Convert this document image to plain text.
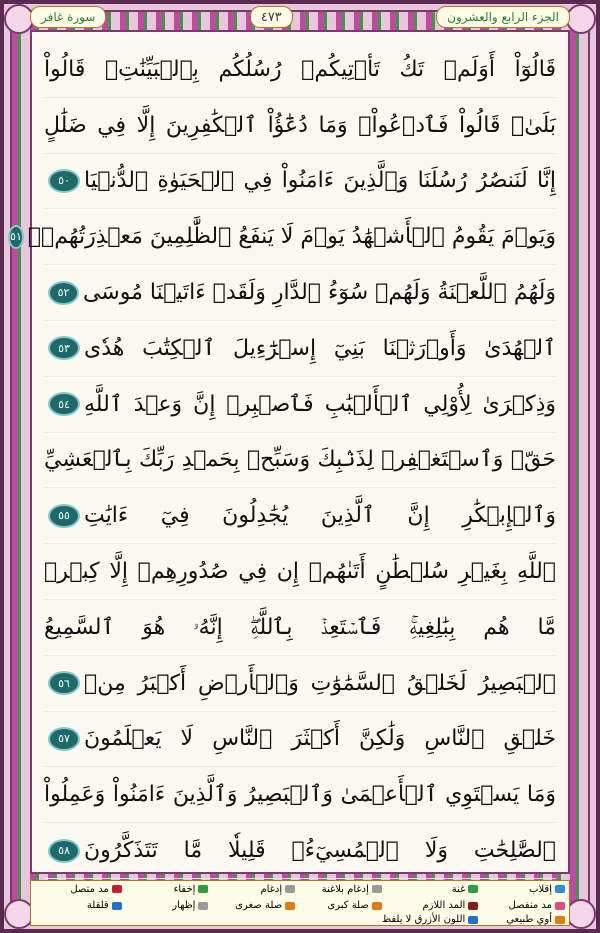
سورة غافر	٤٧٣	الجزء الرابع والعشرون
قَالُوٓاْ أَوَلَمۡ تَكُ تَأۡتِيكُمۡ رُسُلُكُم بِٱلۡبَيِّنَٰتِۖ قَالُواْ
بَلَىٰۚ قَالُواْ فَٱدۡعُواْۗ وَمَا دُعَٰٓؤُاْ ٱلۡكَٰفِرِينَ إِلَّا فِي ضَلَٰلٍ
إِنَّا لَنَنصُرُ رُسُلَنَا وَٱلَّذِينَ ءَامَنُواْ فِي ٱلۡحَيَوٰةِ ٱلدُّنۡيَا
٥٠
وَيَوۡمَ يَقُومُ ٱلۡأَشۡهَٰدُ يَوۡمَ لَا يَنفَعُ ٱلظَّٰلِمِينَ مَعۡذِرَتُهُمۡۖ
٥١
وَلَهُمُ ٱللَّعۡنَةُ وَلَهُمۡ سُوٓءُ ٱلدَّارِ وَلَقَدۡ ءَاتَيۡنَا مُوسَى
٥٢
ٱلۡهُدَىٰ وَأَوۡرَثۡنَا بَنِيٓ إِسۡرَٰٓءِيلَ ٱلۡكِتَٰبَ هُدٗى
٥٣
وَذِكۡرَىٰ لِأُوْلِي ٱلۡأَلۡبَٰبِ فَٱصۡبِرۡ إِنَّ وَعۡدَ ٱللَّهِ
٥٤
حَقّٞ وَٱسۡتَغۡفِرۡ لِذَنۢبِكَ وَسَبِّحۡ بِحَمۡدِ رَبِّكَ بِٱلۡعَشِيِّ
وَٱلۡإِبۡكَٰرِ إِنَّ ٱلَّذِينَ يُجَٰدِلُونَ فِيٓ ءَايَٰتِ
٥٥
ٱللَّهِ بِغَيۡرِ سُلۡطَٰنٍ أَتَىٰهُمۡ إِن فِي صُدُورِهِمۡ إِلَّا كِبۡرٞ
مَّا هُم بِبَٰلِغِيهِۚ فَٱسۡتَعِذۡ بِٱللَّهِۖ إِنَّهُۥ هُوَ ٱلسَّمِيعُ
ٱلۡبَصِيرُ لَخَلۡقُ ٱلسَّمَٰوَٰتِ وَٱلۡأَرۡضِ أَكۡبَرُ مِنۡ
٥٦
خَلۡقِ ٱلنَّاسِ وَلَٰكِنَّ أَكۡثَرَ ٱلنَّاسِ لَا يَعۡلَمُونَ
٥٧
وَمَا يَسۡتَوِي ٱلۡأَعۡمَىٰ وَٱلۡبَصِيرُ وَٱلَّذِينَ ءَامَنُواْ وَعَمِلُواْ
ٱلصَّٰلِحَٰتِ وَلَا ٱلۡمُسِيٓءُۚ قَلِيلٗا مَّا تَتَذَكَّرُونَ
٥٨
إقلاب
غنة
إدغام بلاغنة
إدغام
إخفاء
مد متصل
مد منفصل
المد اللازم
صلة كبرى
صلة صغرى
إظهار
قلقلة
أوي طبيعي
اللون الأزرق لا يلفظ
